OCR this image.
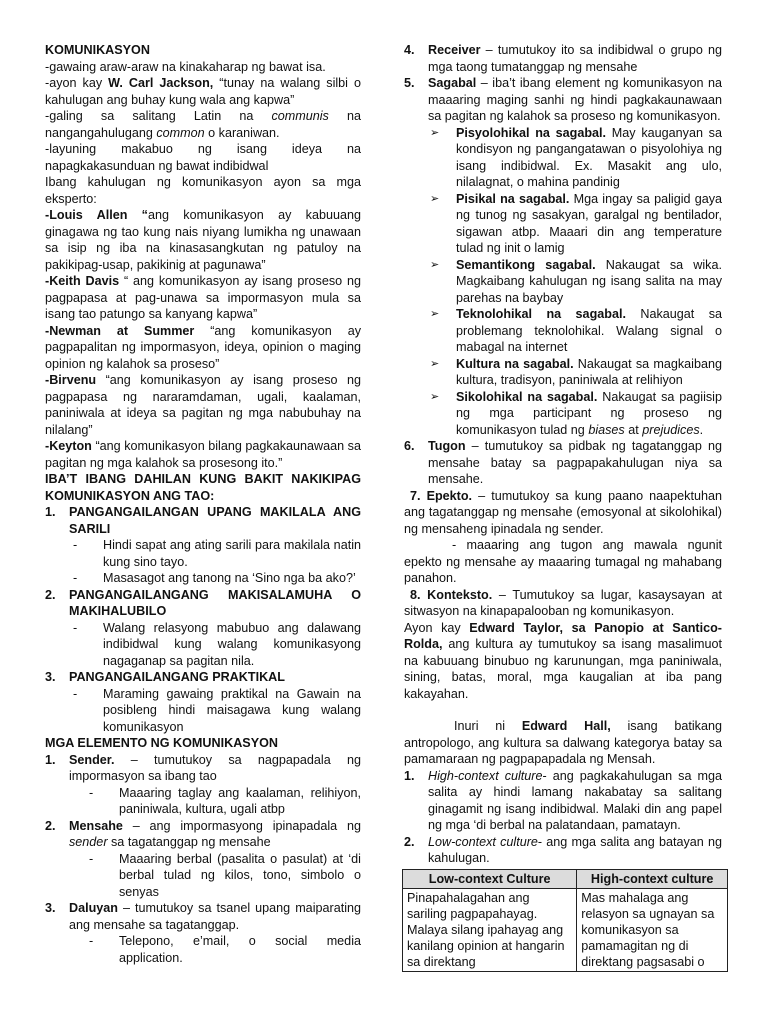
KOMUNIKASYON

-gawaing araw-araw na kinakaharap ng bawat isa.

-ayon kay W. Carl Jackson, “tunay na walang silbi o kahulugan ang buhay kung wala ang kapwa”

-galing sa salitang Latin na communis na nangangahulugang common o karaniwan.

-layuning makabuo ng isang ideya na napagkakasunduan ng bawat indibidwal

Ibang kahulugan ng komunikasyon ayon sa mga eksperto:

-Louis Allen “ang komunikasyon ay kabuuang ginagawa ng tao kung nais niyang lumikha ng unawaan sa isip ng iba na kinasasangkutan ng patuloy na pakikipag-usap, pakikinig at pagunawa”

-Keith Davis “ ang komunikasyon ay isang proseso ng pagpapasa at pag-unawa sa impormasyon mula sa isang tao patungo sa kanyang kapwa”

-Newman at Summer “ang komunikasyon ay pagpapalitan ng impormasyon, ideya, opinion o maging opinion ng kalahok sa proseso”

-Birvenu “ang komunikasyon ay isang proseso ng pagpapasa ng nararamdaman, ugali, kaalaman, paniniwala at ideya sa pagitan ng mga nabubuhay na nilalang”

-Keyton “ang komunikasyon bilang pagkakaunawaan sa pagitan ng mga kalahok sa prosesong ito.”

IBA’T IBANG DAHILAN KUNG BAKIT NAKIKIPAG KOMUNIKASYON ANG TAO:

1.	PANGANGAILANGAN UPANG MAKILALA ANG SARILI
-	Hindi sapat ang ating sarili para makilala natin kung sino tayo.
-	Masasagot ang tanong na ‘Sino nga ba ako?’
2.	PANGANGAILANGANG MAKISALAMUHA O MAKIHALUBILO
-	Walang relasyong mabubuo ang dalawang indibidwal kung walang komunikasyong nagaganap sa pagitan nila.
3.	PANGANGAILANGANG PRAKTIKAL
-	Maraming gawaing praktikal na Gawain na posibleng hindi maisagawa kung walang komunikasyon

MGA ELEMENTO NG KOMUNIKASYON

1.	Sender. – tumutukoy sa nagpapadala ng impormasyon sa ibang tao
-	Maaaring taglay ang kaalaman, relihiyon, paniniwala, kultura, ugali atbp
2.	Mensahe – ang impormasyong ipinapadala ng sender sa tagatanggap ng mensahe
-	Maaaring berbal (pasalita o pasulat) at ‘di berbal tulad ng kilos, tono, simbolo o senyas
3.	Daluyan – tumutukoy sa tsanel upang maiparating ang mensahe sa tagatanggap.
-	Telepono, e’mail, o social media application.
4.	Receiver – tumutukoy ito sa indibidwal o grupo ng mga taong tumatanggap ng mensahe
5.	Sagabal – iba’t ibang element ng komunikasyon na maaaring maging sanhi ng hindi pagkakaunawaan sa pagitan ng kalahok sa proseso ng komunikasyon.
➢	Pisyolohikal na sagabal. May kauganyan sa kondisyon ng pangangatawan o pisyolohiya ng isang indibidwal. Ex. Masakit ang ulo, nilalagnat, o mahina pandinig
➢	Pisikal na sagabal. Mga ingay sa paligid gaya ng tunog ng sasakyan, garalgal ng bentilador, sigawan atbp. Maaari din ang temperature tulad ng init o lamig
➢	Semantikong sagabal. Nakaugat sa wika. Magkaibang kahulugan ng isang salita na may parehas na baybay
➢	Teknolohikal na sagabal. Nakaugat sa problemang teknolohikal. Walang signal o mabagal na internet
➢	Kultura na sagabal. Nakaugat sa magkaibang kultura, tradisyon, paniniwala at relihiyon
➢	Sikolohikal na sagabal. Nakaugat sa pagiisip ng mga participant ng proseso ng komunikasyon tulad ng biases at prejudices.
6.	Tugon – tumutukoy sa pidbak ng tagatanggap ng mensahe batay sa pagpapakahulugan niya sa mensahe.

7. Epekto. – tumutukoy sa kung paano naapektuhan ang tagatanggap ng mensahe (emosyonal at sikolohikal) ng mensaheng ipinadala ng sender.

- maaaring ang tugon ang mawala ngunit epekto ng mensahe ay maaaring tumagal ng mahabang panahon.

8. Konteksto. – Tumutukoy sa lugar, kasaysayan at sitwasyon na kinapapalooban ng komunikasyon.

Ayon kay Edward Taylor, sa Panopio at Santico-Rolda, ang kultura ay tumutukoy sa isang masalimuot na kabuuang binubuo ng karunungan, mga paniniwala, sining, batas, moral, mga kaugalian at iba pang kakayahan.

Inuri ni Edward Hall, isang batikang antropologo, ang kultura sa dalwang kategorya batay sa pamamaraan ng pagpapapadala ng Mensah.

1.	High-context culture- ang pagkakahulugan sa mga salita ay hindi lamang nakabatay sa salitang ginagamit ng isang indibidwal. Malaki din ang papel ng mga ‘di berbal na palatandaan, pamatayn.
2.	Low-context culture- ang mga salita ang batayan ng kahulugan.
Low-context Culture	High-context culture
Pinapahalagahan ang sariling pagpapahayag. Malaya silang ipahayag ang kanilang opinion at hangarin sa direktang	Mas mahalaga ang relasyon sa ugnayan sa komunikasyon sa pamamagitan ng di direktang pagsasabi o
